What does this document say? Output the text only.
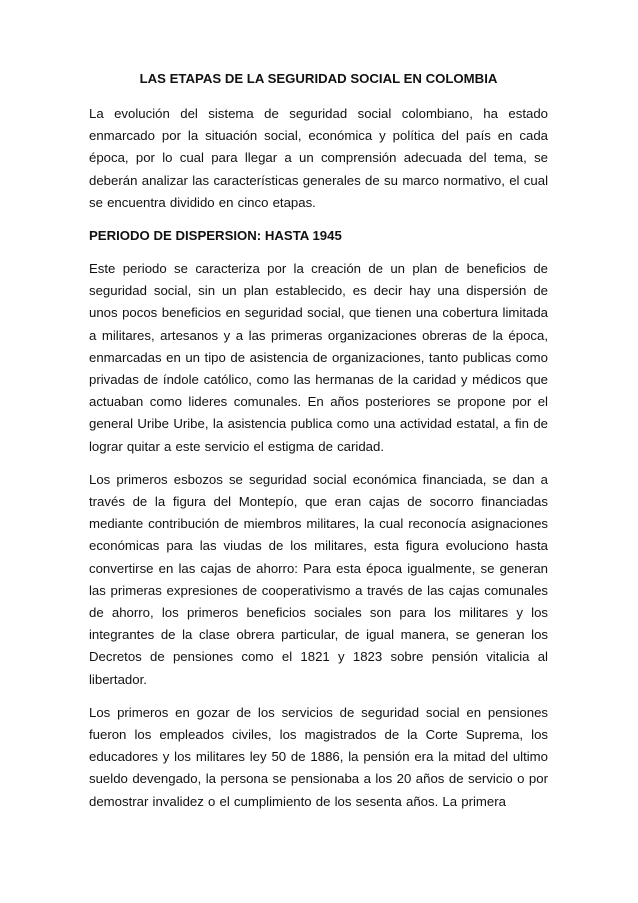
LAS ETAPAS DE LA SEGURIDAD SOCIAL EN COLOMBIA

La evolución del sistema de seguridad social colombiano, ha estado enmarcado por la situación social, económica y política del país en cada época, por lo cual para llegar a un comprensión adecuada del tema, se deberán analizar las características generales de su marco normativo, el cual se encuentra dividido en cinco etapas.

PERIODO DE DISPERSION: HASTA 1945

Este periodo se caracteriza por la creación de un plan de beneficios de seguridad social, sin un plan establecido, es decir hay una dispersión de unos pocos beneficios en seguridad social, que tienen una cobertura limitada a militares, artesanos y a las primeras organizaciones obreras de la época, enmarcadas en un tipo de asistencia de organizaciones, tanto publicas como privadas de índole católico, como las hermanas de la caridad y médicos que actuaban como lideres comunales. En años posteriores se propone por el general Uribe Uribe, la asistencia publica como una actividad estatal, a fin de lograr quitar a este servicio el estigma de caridad.

Los primeros esbozos se seguridad social económica financiada, se dan a través de la figura del Montepío, que eran cajas de socorro financiadas mediante contribución de miembros militares, la cual reconocía asignaciones económicas para las viudas de los militares, esta figura evoluciono hasta convertirse en las cajas de ahorro: Para esta época igualmente, se generan las primeras expresiones de cooperativismo a través de las cajas comunales de ahorro, los primeros beneficios sociales son para los militares y los integrantes de la clase obrera particular, de igual manera, se generan los Decretos de pensiones como el 1821 y 1823 sobre pensión vitalicia al libertador.

Los primeros en gozar de los servicios de seguridad social en pensiones fueron los empleados civiles, los magistrados de la Corte Suprema, los educadores y los militares ley 50 de 1886, la pensión era la mitad del ultimo sueldo devengado, la persona se pensionaba a los 20 años de servicio o por demostrar invalidez o el cumplimiento de los sesenta años. La primera
